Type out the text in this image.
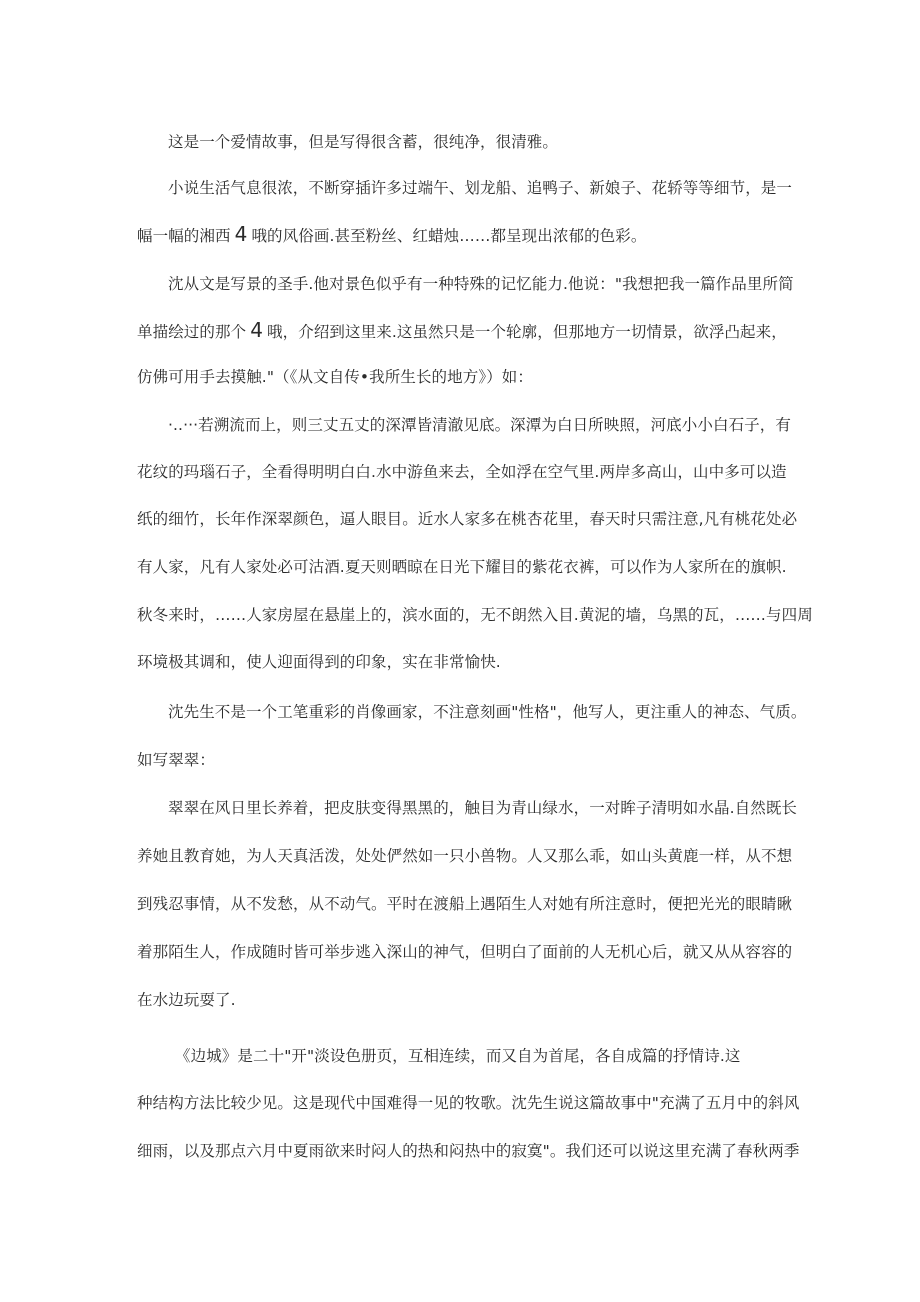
这是一个爱情故事，但是写得很含蓄，很纯净，很清雅。
小说生活气息很浓，不断穿插许多过端午、划龙船、追鸭子、新娘子、花轿等等细节，是一
幅一幅的湘西 4 哦的风俗画.甚至粉丝、红蜡烛……都呈现出浓郁的色彩。
沈从文是写景的圣手.他对景色似乎有一种特殊的记忆能力.他说："我想把我一篇作品里所简
单描绘过的那个 4 哦，介绍到这里来.这虽然只是一个轮廓，但那地方一切情景，欲浮凸起来，
仿佛可用手去摸触."（《从文自传•我所生长的地方》）如：
·..···若溯流而上，则三丈五丈的深潭皆清澈见底。深潭为白日所映照，河底小小白石子，有
花纹的玛瑙石子，全看得明明白白.水中游鱼来去，全如浮在空气里.两岸多高山，山中多可以造
纸的细竹，长年作深翠颜色，逼人眼目。近水人家多在桃杏花里，春天时只需注意,凡有桃花处必
有人家，凡有人家处必可沽酒.夏天则晒晾在日光下耀目的紫花衣裤，可以作为人家所在的旗帜.
秋冬来时，……人家房屋在悬崖上的，滨水面的，无不朗然入目.黄泥的墙，乌黑的瓦，……与四周
环境极其调和，使人迎面得到的印象，实在非常愉快.
沈先生不是一个工笔重彩的肖像画家，不注意刻画"性格"，他写人，更注重人的神态、气质。
如写翠翠：
翠翠在风日里长养着，把皮肤变得黑黑的，触目为青山绿水，一对眸子清明如水晶.自然既长
养她且教育她，为人天真活泼，处处俨然如一只小兽物。人又那么乖，如山头黄鹿一样，从不想
到残忍事情，从不发愁，从不动气。平时在渡船上遇陌生人对她有所注意时，便把光光的眼睛瞅
着那陌生人，作成随时皆可举步逃入深山的神气，但明白了面前的人无机心后，就又从从容容的
在水边玩耍了.
《边城》是二十"开"淡设色册页，互相连续，而又自为首尾，各自成篇的抒情诗.这
种结构方法比较少见。这是现代中国难得一见的牧歌。沈先生说这篇故事中"充满了五月中的斜风
细雨，以及那点六月中夏雨欲来时闷人的热和闷热中的寂寞"。我们还可以说这里充满了春秋两季
